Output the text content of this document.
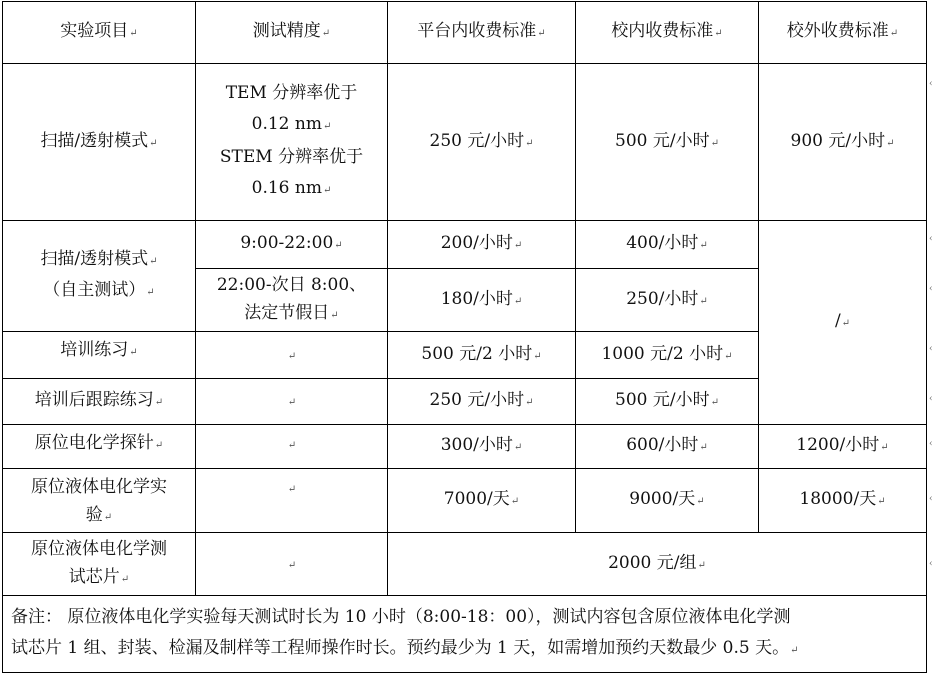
实验项目 ↵	测试精度 ↵	平台内收费标准 ↵	校内收费标准 ↵	校外收费标准 ↵
扫描/透射模式 ↵	TEM 分辨率优于
0.12 nm ↵
STEM 分辨率优于
0.16 nm ↵	250 元/小时 ↵	500 元/小时 ↵	900 元/小时 ↵

扫描/透射模式 ↵
（自主测试） ↵	9:00-22:00 ↵	200/小时 ↵	400/小时 ↵	/ ↵

	22:00-次日 8:00、
法定节假日 ↵	180/小时 ↵	250/小时 ↵
培训练习 ↵	↵	500 元/2 小时 ↵	1000 元/2 小时 ↵
培训后跟踪练习 ↵	↵	250 元/小时 ↵	500 元/小时 ↵
原位电化学探针 ↵	↵	300/小时 ↵	600/小时 ↵	1200/小时 ↵

原位液体电化学实
验 ↵
	↵	7000/天 ↵	9000/天 ↵	18000/天 ↵

原位液体电化学测
试芯片 ↵
	↵	2000 元/组 ↵

备注： 原位液体电化学实验每天测试时长为 10 小时（8:00-18：00），测试内容包含原位液体电化学测
试芯片 1 组、封装、检漏及制样等工程师操作时长。预约最少为 1 天，如需增加预约天数最少 0.5 天。 ↵
‹
‹
‹
‹
‹
‹
‹
‹
